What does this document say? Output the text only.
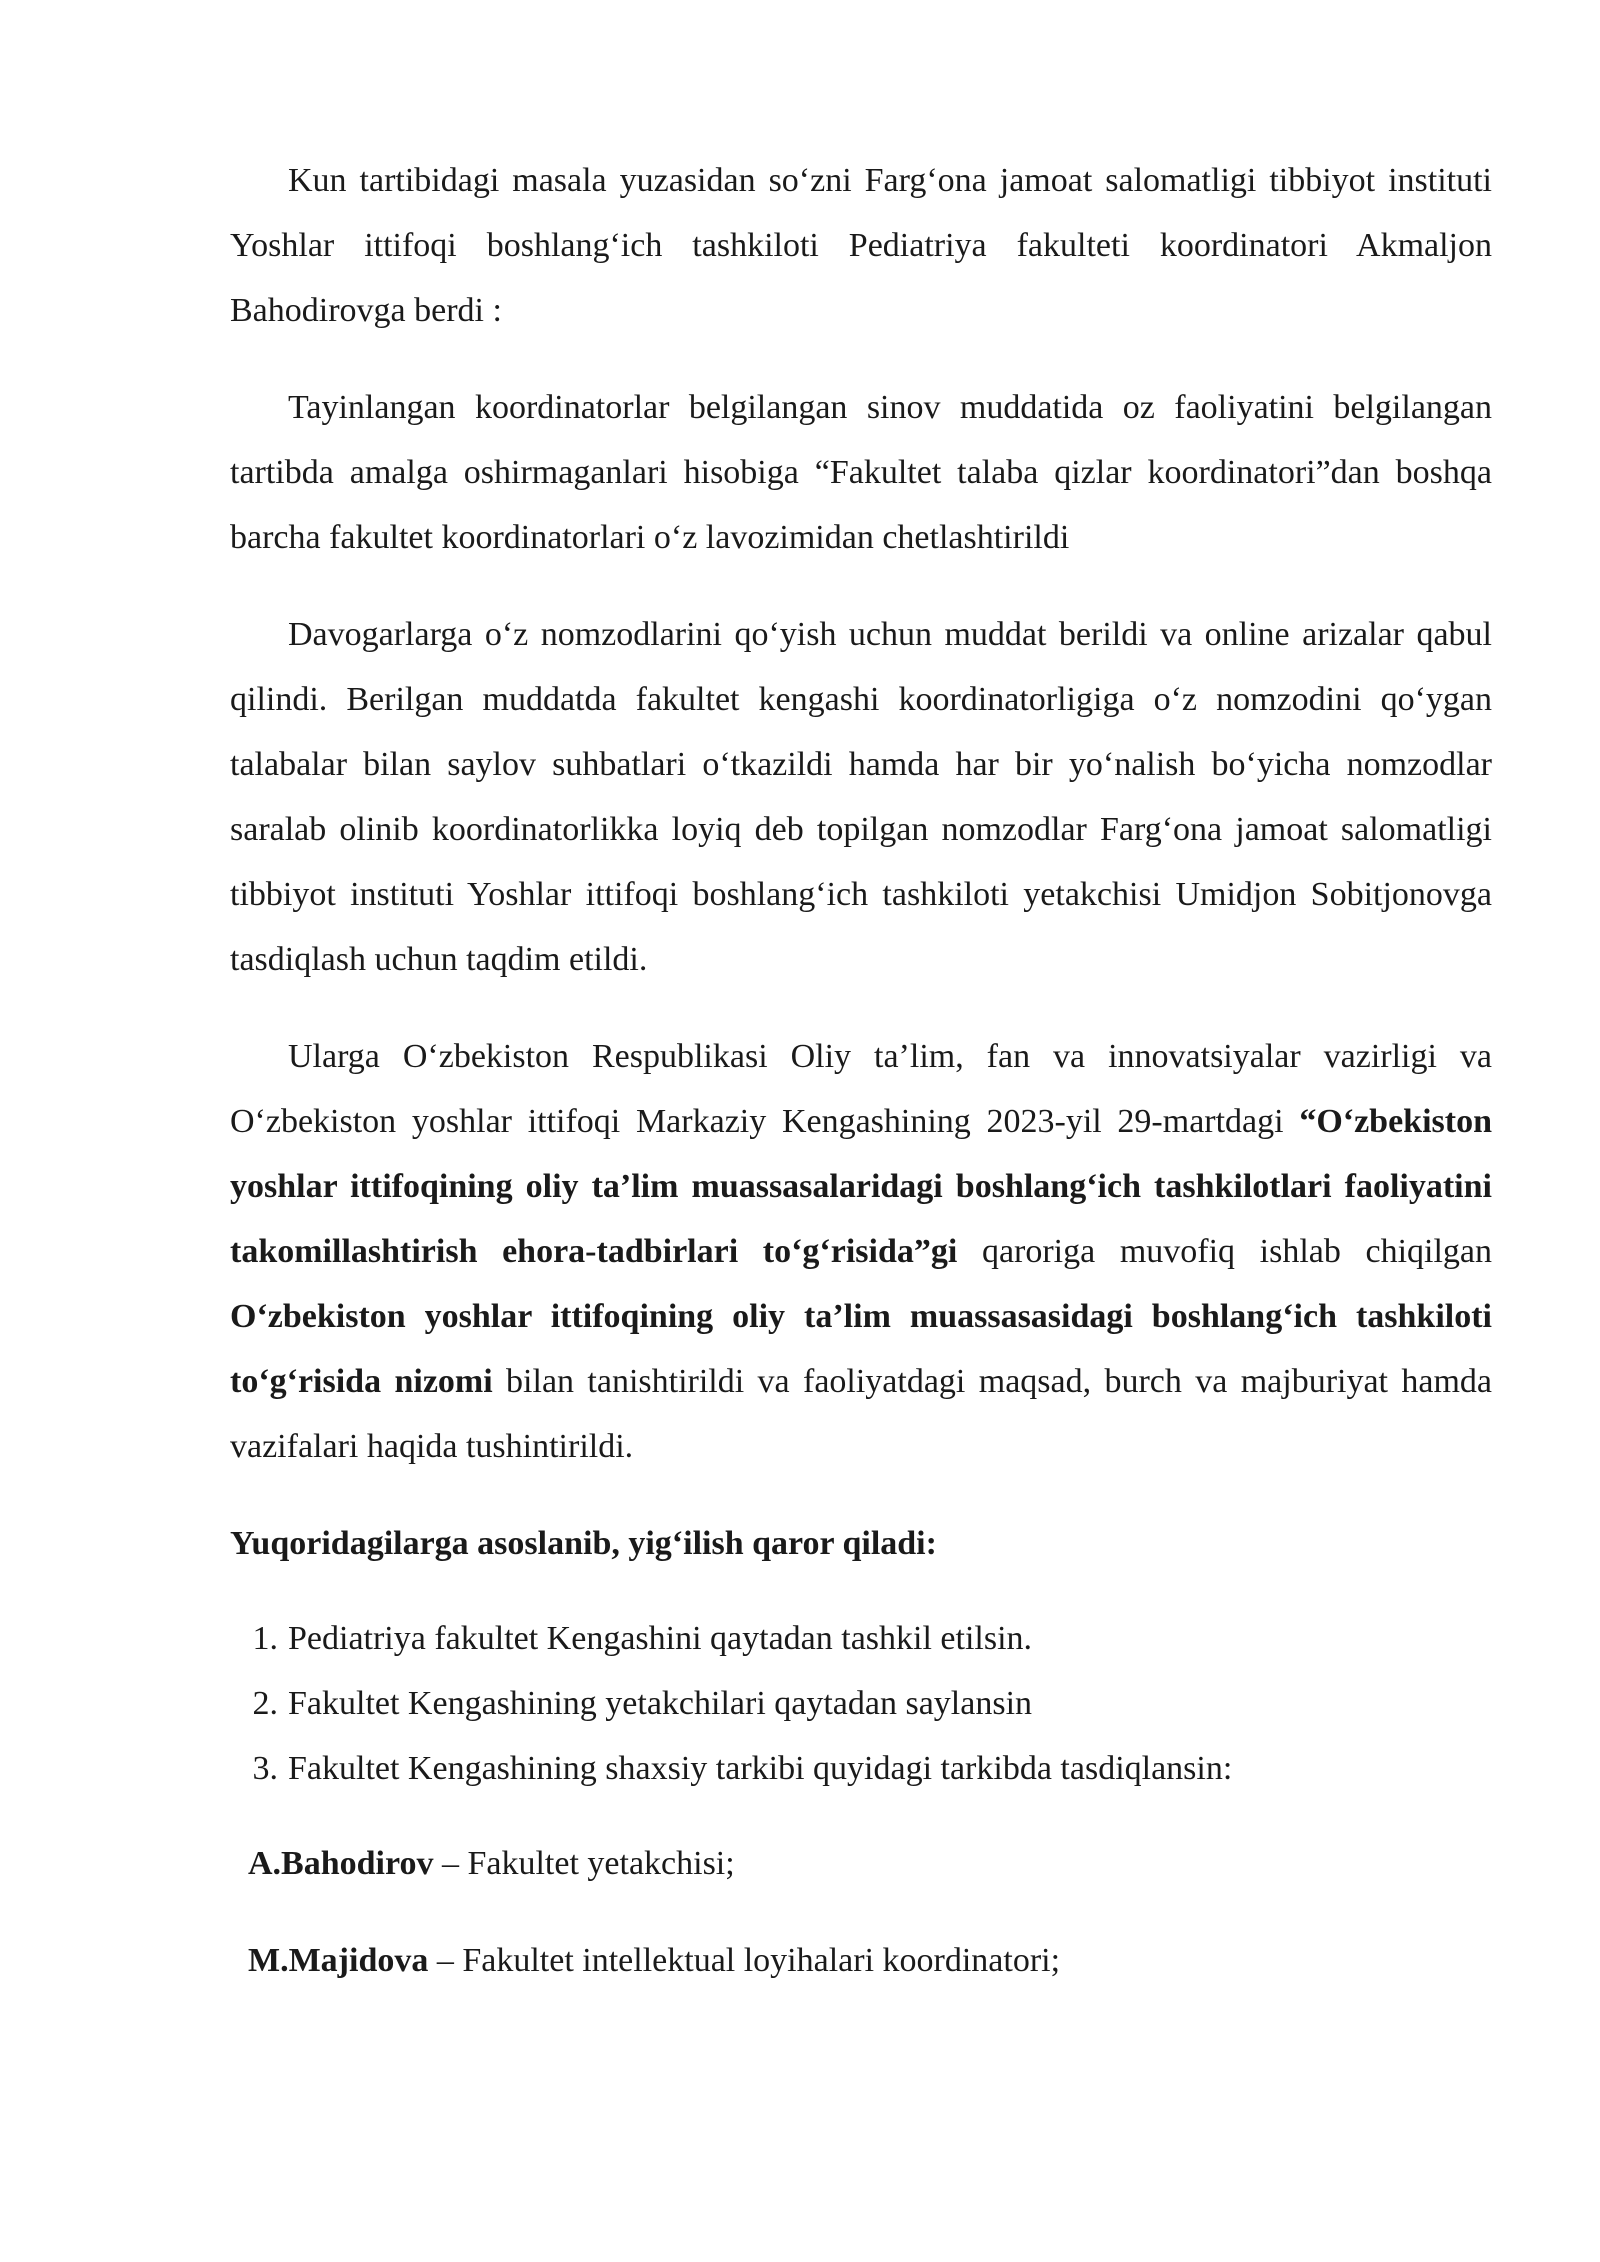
Kun tartibidagi masala yuzasidan so‘zni Farg‘ona jamoat salomatligi tibbiyot instituti Yoshlar ittifoqi boshlang‘ich tashkiloti Pediatriya fakulteti koordinatori Akmaljon Bahodirovga berdi :

Tayinlangan koordinatorlar belgilangan sinov muddatida oz faoliyatini belgilangan tartibda amalga oshirmaganlari hisobiga “Fakultet talaba qizlar koordinatori”dan boshqa barcha fakultet koordinatorlari o‘z lavozimidan chetlashtirildi

Davogarlarga o‘z nomzodlarini qo‘yish uchun muddat berildi va online arizalar qabul qilindi. Berilgan muddatda fakultet kengashi koordinatorligiga o‘z nomzodini qo‘ygan talabalar bilan saylov suhbatlari o‘tkazildi hamda har bir yo‘nalish bo‘yicha nomzodlar saralab olinib koordinatorlikka loyiq deb topilgan nomzodlar Farg‘ona jamoat salomatligi tibbiyot instituti Yoshlar ittifoqi boshlang‘ich tashkiloti yetakchisi Umidjon Sobitjonovga tasdiqlash uchun taqdim etildi.

Ularga O‘zbekiston Respublikasi Oliy ta’lim, fan va innovatsiyalar vazirligi va O‘zbekiston yoshlar ittifoqi Markaziy Kengashining 2023-yil 29-martdagi “O‘zbekiston yoshlar ittifoqining oliy ta’lim muassasalaridagi boshlang‘ich tashkilotlari faoliyatini takomillashtirish ehora-tadbirlari to‘g‘risida”gi qaroriga muvofiq ishlab chiqilgan O‘zbekiston yoshlar ittifoqining oliy ta’lim muassasasidagi boshlang‘ich tashkiloti to‘g‘risida nizomi bilan tanishtirildi va faoliyatdagi maqsad, burch va majburiyat hamda vazifalari haqida tushintirildi.

Yuqoridagilarga asoslanib, yig‘ilish qaror qiladi:

1. Pediatriya fakultet Kengashini qaytadan tashkil etilsin.
2. Fakultet Kengashining yetakchilari qaytadan saylansin
3. Fakultet Kengashining shaxsiy tarkibi quyidagi tarkibda tasdiqlansin:

A.Bahodirov – Fakultet yetakchisi;

M.Majidova – Fakultet intellektual loyihalari koordinatori;
